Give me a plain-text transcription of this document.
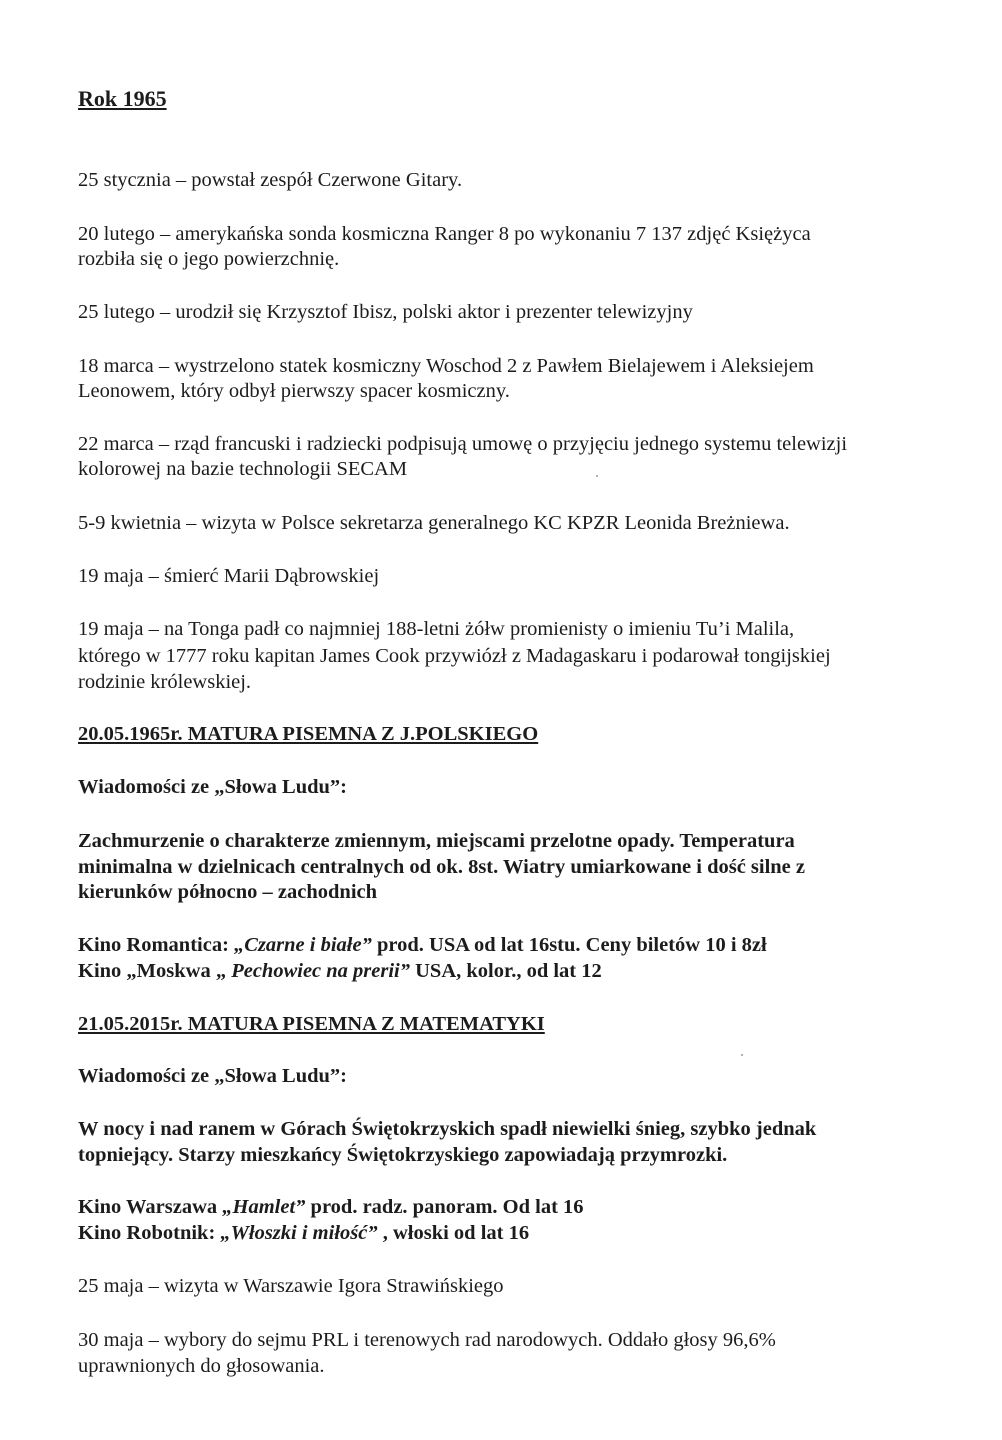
Rok 1965

25 stycznia – powstał zespół Czerwone Gitary.

20 lutego – amerykańska sonda kosmiczna Ranger 8 po wykonaniu 7 137 zdjęć Księżyca

rozbiła się o jego powierzchnię.

25 lutego – urodził się Krzysztof Ibisz, polski aktor i prezenter telewizyjny

18 marca – wystrzelono statek kosmiczny Woschod 2 z Pawłem Bielajewem i Aleksiejem

Leonowem, który odbył pierwszy spacer kosmiczny.

22 marca – rząd francuski i radziecki podpisują umowę o przyjęciu jednego systemu telewizji

kolorowej na bazie technologii SECAM

5-9 kwietnia – wizyta w Polsce sekretarza generalnego KC KPZR Leonida Breżniewa.

19 maja – śmierć Marii Dąbrowskiej

19 maja – na Tonga padł co najmniej 188-letni żółw promienisty o imieniu Tu’i Malila,

którego w 1777 roku kapitan James Cook przywiózł z Madagaskaru i podarował tongijskiej

rodzinie królewskiej.

20.05.1965r. MATURA PISEMNA Z J.POLSKIEGO

Wiadomości ze „Słowa Ludu”:

Zachmurzenie o charakterze zmiennym, miejscami przelotne opady. Temperatura

minimalna w dzielnicach centralnych od ok. 8st. Wiatry umiarkowane i dość silne z

kierunków północno – zachodnich

Kino Romantica: „Czarne i białe” prod. USA od lat 16stu. Ceny biletów 10 i 8zł

Kino „Moskwa „ Pechowiec na prerii” USA, kolor., od lat 12

21.05.2015r. MATURA PISEMNA Z MATEMATYKI

Wiadomości ze „Słowa Ludu”:

W nocy i nad ranem w Górach Świętokrzyskich spadł niewielki śnieg, szybko jednak

topniejący. Starzy mieszkańcy Świętokrzyskiego zapowiadają przymrozki.

Kino Warszawa „Hamlet” prod. radz. panoram. Od lat 16

Kino Robotnik: „Włoszki i miłość” , włoski od lat 16

25 maja – wizyta w Warszawie Igora Strawińskiego

30 maja – wybory do sejmu PRL i terenowych rad narodowych. Oddało głosy 96,6%

uprawnionych do głosowania.
